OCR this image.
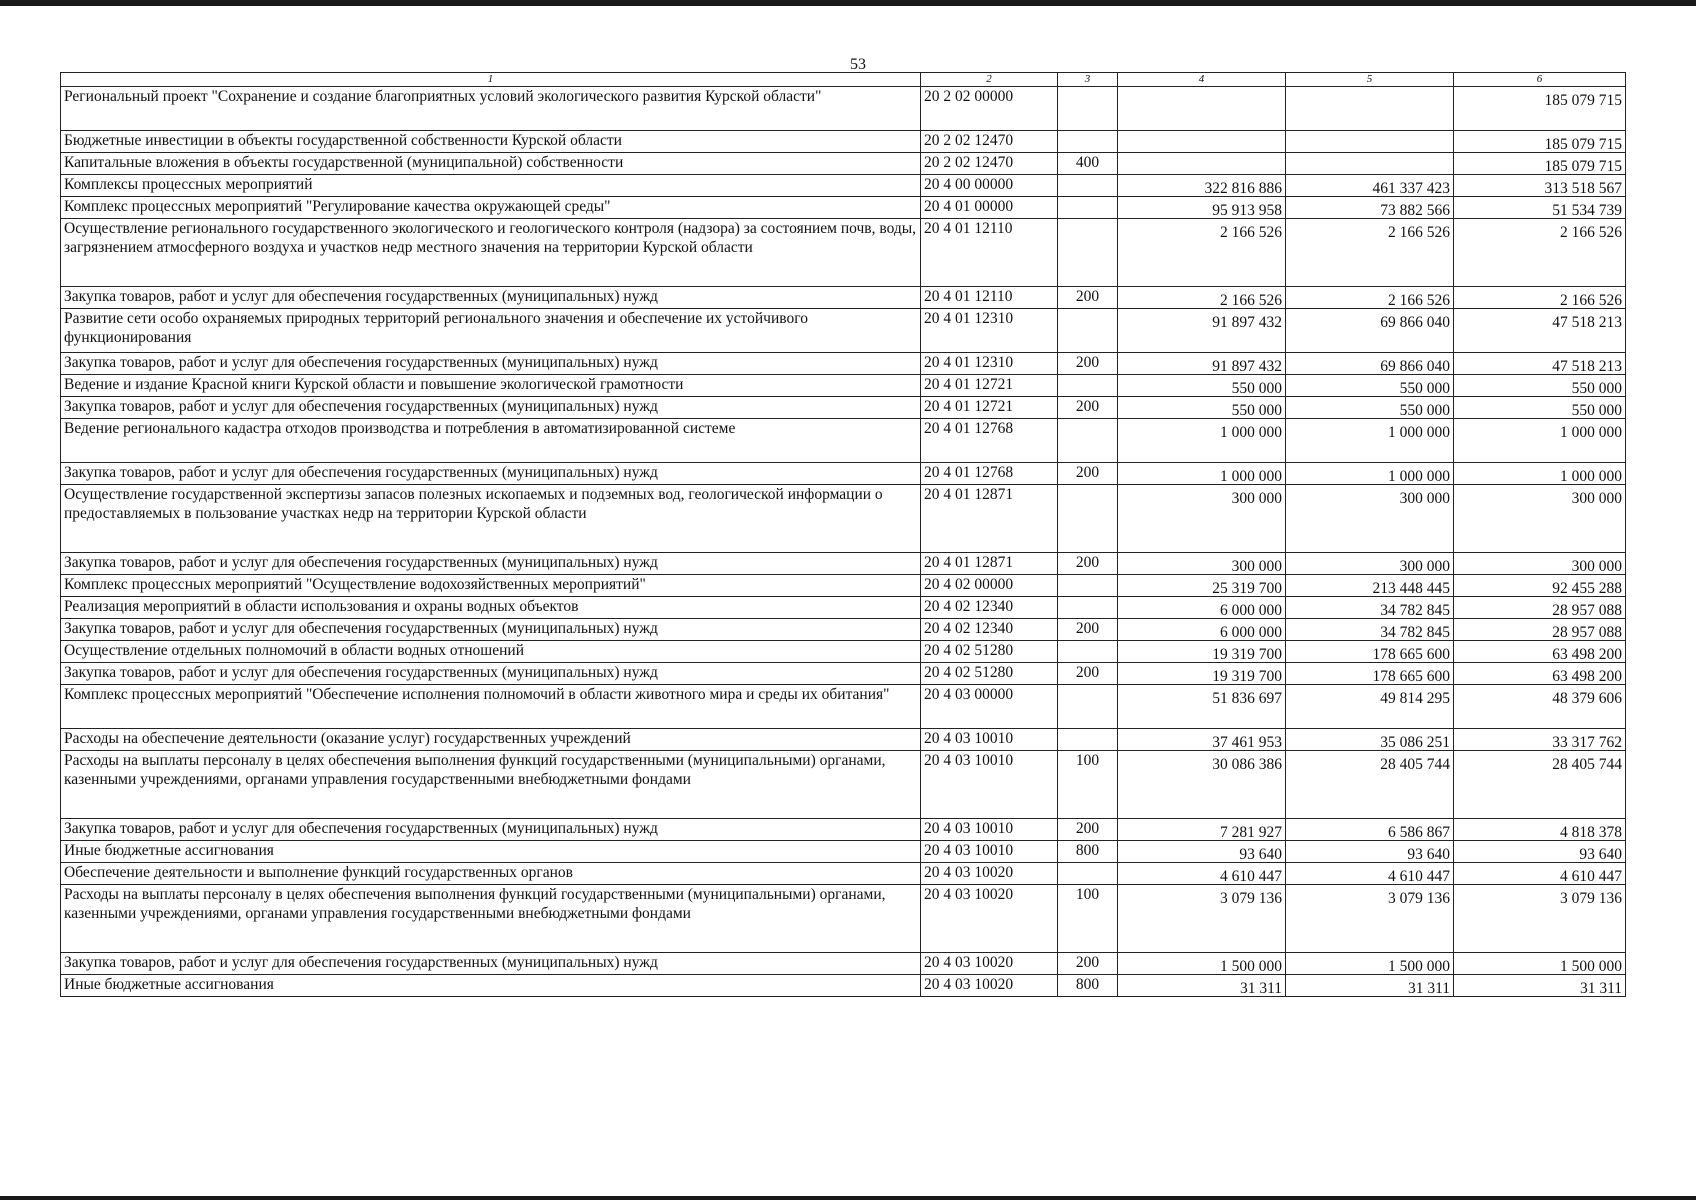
53
1	2	3	4	5	6
Региональный проект "Сохранение и создание благоприятных условий экологического развития Курской области"	20 2 02 00000				185 079 715
Бюджетные инвестиции в объекты государственной собственности Курской области	20 2 02 12470				185 079 715
Капитальные вложения в объекты государственной (муниципальной) собственности	20 2 02 12470	400			185 079 715
Комплексы процессных мероприятий	20 4 00 00000		322 816 886	461 337 423	313 518 567
Комплекс процессных мероприятий "Регулирование качества окружающей среды"	20 4 01 00000		95 913 958	73 882 566	51 534 739
Осуществление регионального государственного экологического и геологического контроля (надзора) за состоянием почв, воды, загрязнением атмосферного воздуха и участков недр местного значения на территории Курской области	20 4 01 12110		2 166 526	2 166 526	2 166 526
Закупка товаров, работ и услуг для обеспечения государственных (муниципальных) нужд	20 4 01 12110	200	2 166 526	2 166 526	2 166 526
Развитие сети особо охраняемых природных территорий регионального значения и обеспечение их устойчивого функционирования	20 4 01 12310		91 897 432	69 866 040	47 518 213
Закупка товаров, работ и услуг для обеспечения государственных (муниципальных) нужд	20 4 01 12310	200	91 897 432	69 866 040	47 518 213
Ведение и издание Красной книги Курской области и повышение экологической грамотности	20 4 01 12721		550 000	550 000	550 000
Закупка товаров, работ и услуг для обеспечения государственных (муниципальных) нужд	20 4 01 12721	200	550 000	550 000	550 000
Ведение регионального кадастра отходов производства и потребления в автоматизированной системе	20 4 01 12768		1 000 000	1 000 000	1 000 000
Закупка товаров, работ и услуг для обеспечения государственных (муниципальных) нужд	20 4 01 12768	200	1 000 000	1 000 000	1 000 000
Осуществление государственной экспертизы запасов полезных ископаемых и подземных вод, геологической информации о предоставляемых в пользование участках недр на территории Курской области	20 4 01 12871		300 000	300 000	300 000
Закупка товаров, работ и услуг для обеспечения государственных (муниципальных) нужд	20 4 01 12871	200	300 000	300 000	300 000
Комплекс процессных мероприятий "Осуществление водохозяйственных мероприятий"	20 4 02 00000		25 319 700	213 448 445	92 455 288
Реализация мероприятий в области использования и охраны водных объектов	20 4 02 12340		6 000 000	34 782 845	28 957 088
Закупка товаров, работ и услуг для обеспечения государственных (муниципальных) нужд	20 4 02 12340	200	6 000 000	34 782 845	28 957 088
Осуществление отдельных полномочий в области водных отношений	20 4 02 51280		19 319 700	178 665 600	63 498 200
Закупка товаров, работ и услуг для обеспечения государственных (муниципальных) нужд	20 4 02 51280	200	19 319 700	178 665 600	63 498 200
Комплекс процессных мероприятий "Обеспечение исполнения полномочий в области животного мира и среды их обитания"	20 4 03 00000		51 836 697	49 814 295	48 379 606
Расходы на обеспечение деятельности (оказание услуг) государственных учреждений	20 4 03 10010		37 461 953	35 086 251	33 317 762
Расходы на выплаты персоналу в целях обеспечения выполнения функций государственными (муниципальными) органами, казенными учреждениями, органами управления государственными внебюджетными фондами	20 4 03 10010	100	30 086 386	28 405 744	28 405 744
Закупка товаров, работ и услуг для обеспечения государственных (муниципальных) нужд	20 4 03 10010	200	7 281 927	6 586 867	4 818 378
Иные бюджетные ассигнования	20 4 03 10010	800	93 640	93 640	93 640
Обеспечение деятельности и выполнение функций государственных органов	20 4 03 10020		4 610 447	4 610 447	4 610 447
Расходы на выплаты персоналу в целях обеспечения выполнения функций государственными (муниципальными) органами, казенными учреждениями, органами управления государственными внебюджетными фондами	20 4 03 10020	100	3 079 136	3 079 136	3 079 136
Закупка товаров, работ и услуг для обеспечения государственных (муниципальных) нужд	20 4 03 10020	200	1 500 000	1 500 000	1 500 000
Иные бюджетные ассигнования	20 4 03 10020	800	31 311	31 311	31 311
